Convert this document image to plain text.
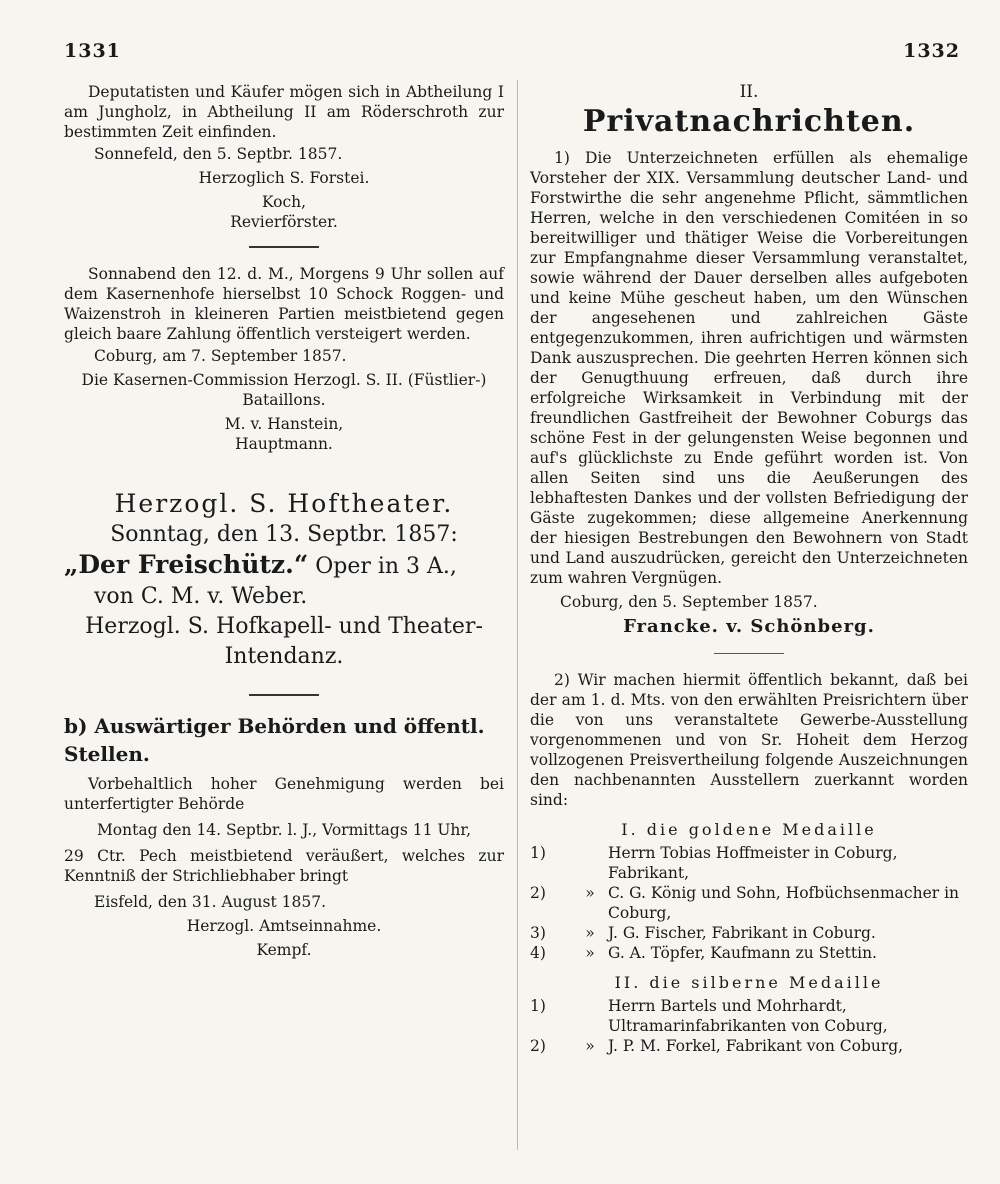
1331	1332

Deputatisten und Käufer mögen sich in Abtheilung I am Jungholz, in Abtheilung II am Röderschroth zur bestimmten Zeit einfinden.

Sonnefeld, den 5. Septbr. 1857.

Herzoglich S. Forstei.

Koch,

Revierförster.

Sonnabend den 12. d. M., Morgens 9 Uhr sollen auf dem Kasernenhofe hierselbst 10 Schock Roggen- und Waizenstroh in kleineren Partien meistbietend gegen gleich baare Zahlung öffentlich versteigert werden.

Coburg, am 7. September 1857.

Die Kasernen-Commission Herzogl. S. II. (Füstlier-) Bataillons.

M. v. Hanstein,

Hauptmann.

Herzogl. S. Hoftheater.
Sonntag, den 13. Septbr. 1857:
„Der Freischütz.“ Oper in 3 A.,
von C. M. v. Weber.
Herzogl. S. Hofkapell- und Theater-Intendanz.
b) Auswärtiger Behörden und öffentl. Stellen.

Vorbehaltlich hoher Genehmigung werden bei unterfertigter Behörde

Montag den 14. Septbr. l. J., Vormittags 11 Uhr,

29 Ctr. Pech meistbietend veräußert, welches zur Kenntniß der Strichliebhaber bringt

Eisfeld, den 31. August 1857.

Herzogl. Amtseinnahme.

Kempf.

II.
Privatnachrichten.

1) Die Unterzeichneten erfüllen als ehemalige Vorsteher der XIX. Versammlung deutscher Land- und Forstwirthe die sehr angenehme Pflicht, sämmtlichen Herren, welche in den verschiedenen Comitéen in so bereitwilliger und thätiger Weise die Vorbereitungen zur Empfangnahme dieser Versammlung veranstaltet, sowie während der Dauer derselben alles aufgeboten und keine Mühe gescheut haben, um den Wünschen der angesehenen und zahlreichen Gäste entgegenzukommen, ihren aufrichtigen und wärmsten Dank auszusprechen. Die geehrten Herren können sich der Genugthuung erfreuen, daß durch ihre erfolgreiche Wirksamkeit in Verbindung mit der freundlichen Gastfreiheit der Bewohner Coburgs das schöne Fest in der gelungensten Weise begonnen und auf's glücklichste zu Ende geführt worden ist. Von allen Seiten sind uns die Aeußerungen des lebhaftesten Dankes und der vollsten Befriedigung der Gäste zugekommen; diese allgemeine Anerkennung der hiesigen Bestrebungen den Bewohnern von Stadt und Land auszudrücken, gereicht den Unterzeichneten zum wahren Vergnügen.

Coburg, den 5. September 1857.

Francke. v. Schönberg.

2) Wir machen hiermit öffentlich bekannt, daß bei der am 1. d. Mts. von den erwählten Preisrichtern über die von uns veranstaltete Gewerbe-Ausstellung vorgenommenen und von Sr. Hoheit dem Herzog vollzogenen Preisvertheilung folgende Auszeichnungen den nachbenannten Ausstellern zuerkannt worden sind:

I. die goldene Medaille
1)	Herrn Tobias Hoffmeister in Coburg, Fabrikant,
2)	» C. G. König und Sohn, Hofbüchsenmacher in Coburg,
3)	» J. G. Fischer, Fabrikant in Coburg.
4)	» G. A. Töpfer, Kaufmann zu Stettin.
II. die silberne Medaille
1)	Herrn Bartels und Mohrhardt, Ultramarinfabrikanten von Coburg,
2)	» J. P. M. Forkel, Fabrikant von Coburg,
